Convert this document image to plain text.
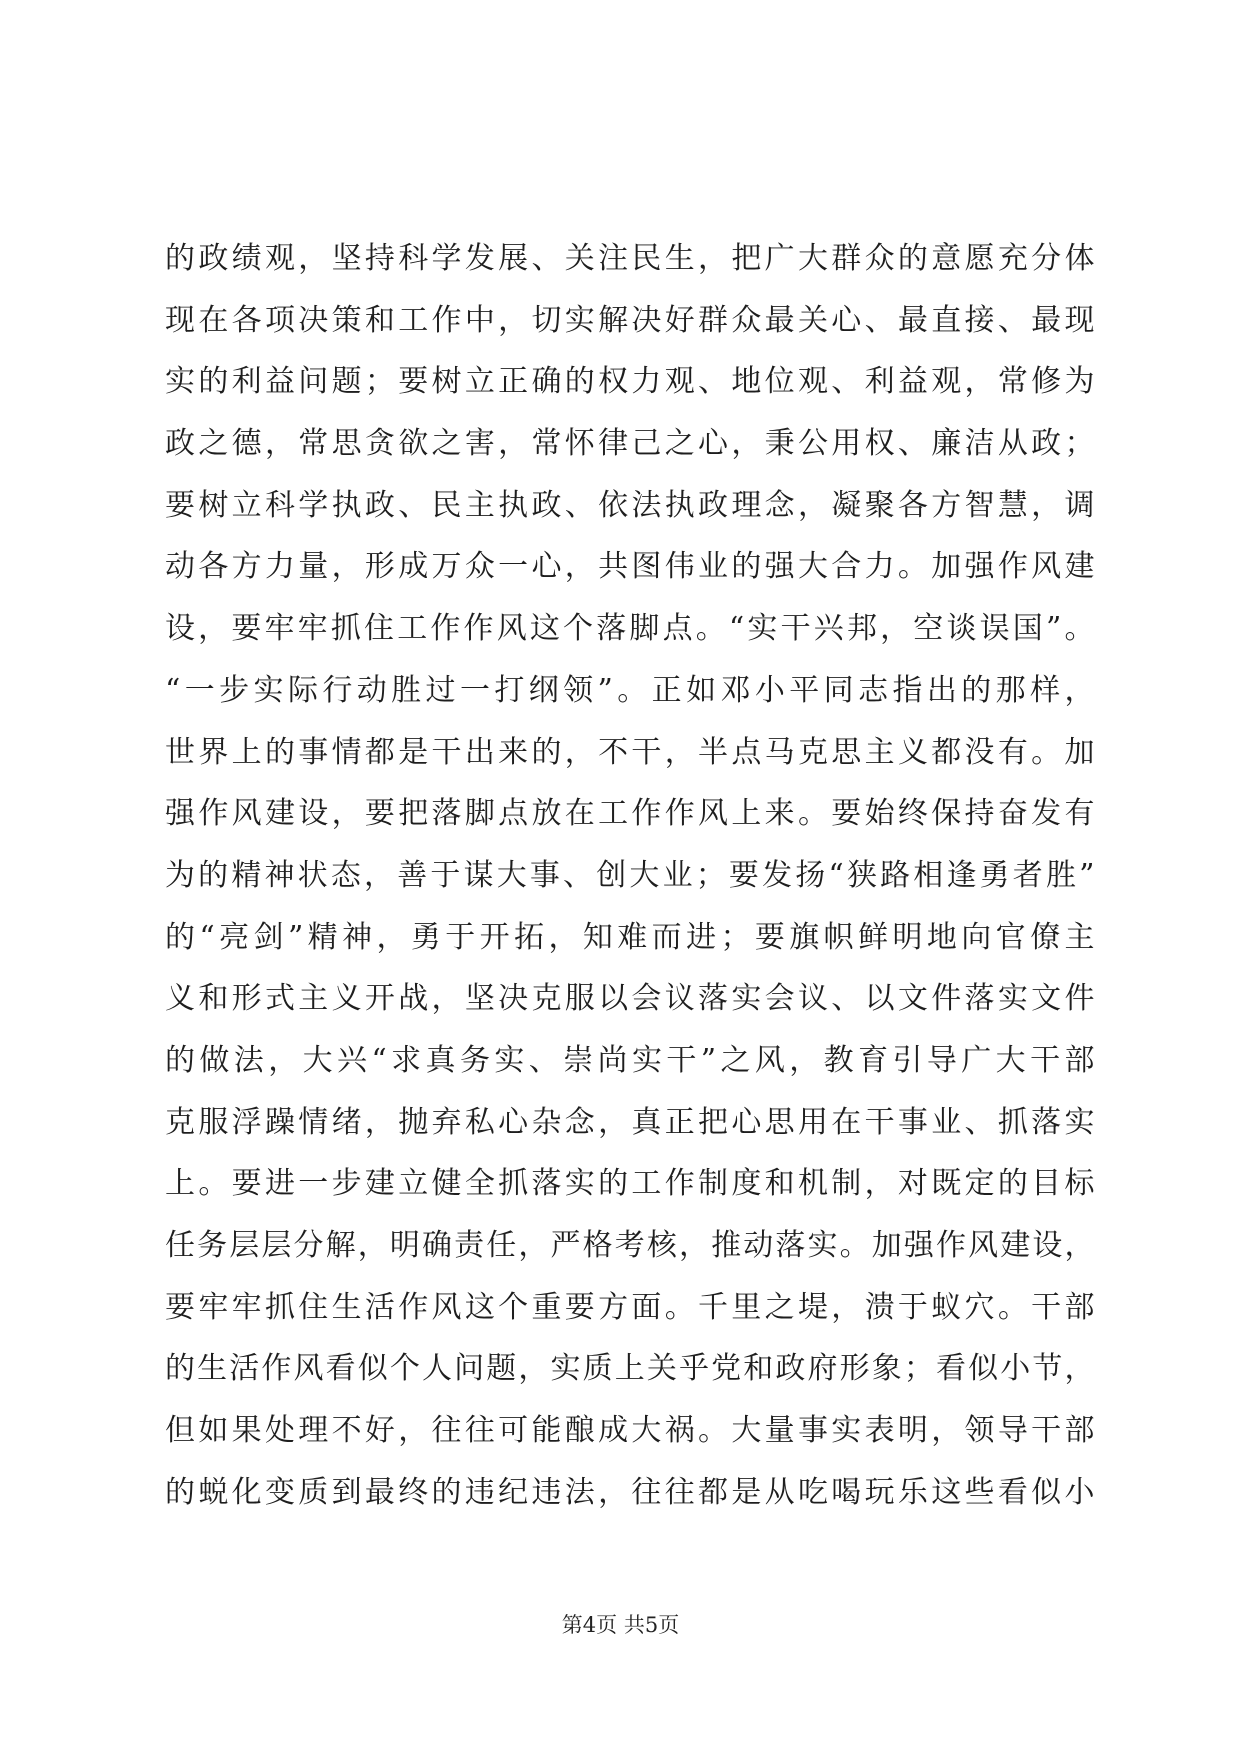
的政绩观，坚持科学发展、关注民生，把广大群众的意愿充分体
现在各项决策和工作中，切实解决好群众最关心、最直接、最现
实的利益问题；要树立正确的权力观、地位观、利益观，常修为
政之德，常思贪欲之害，常怀律己之心，秉公用权、廉洁从政；
要树立科学执政、民主执政、依法执政理念，凝聚各方智慧，调
动各方力量，形成万众一心，共图伟业的强大合力。加强作风建
设，要牢牢抓住工作作风这个落脚点。“实干兴邦，空谈误国”。
“一步实际行动胜过一打纲领”。正如邓小平同志指出的那样，
世界上的事情都是干出来的，不干，半点马克思主义都没有。加
强作风建设，要把落脚点放在工作作风上来。要始终保持奋发有
为的精神状态，善于谋大事、创大业；要发扬“狭路相逢勇者胜”
的“亮剑”精神，勇于开拓，知难而进；要旗帜鲜明地向官僚主
义和形式主义开战，坚决克服以会议落实会议、以文件落实文件
的做法，大兴“求真务实、崇尚实干”之风，教育引导广大干部
克服浮躁情绪，抛弃私心杂念，真正把心思用在干事业、抓落实
上。要进一步建立健全抓落实的工作制度和机制，对既定的目标
任务层层分解，明确责任，严格考核，推动落实。加强作风建设，
要牢牢抓住生活作风这个重要方面。千里之堤，溃于蚁穴。干部
的生活作风看似个人问题，实质上关乎党和政府形象；看似小节，
但如果处理不好，往往可能酿成大祸。大量事实表明，领导干部
的蜕化变质到最终的违纪违法，往往都是从吃喝玩乐这些看似小
第4页 共5页
